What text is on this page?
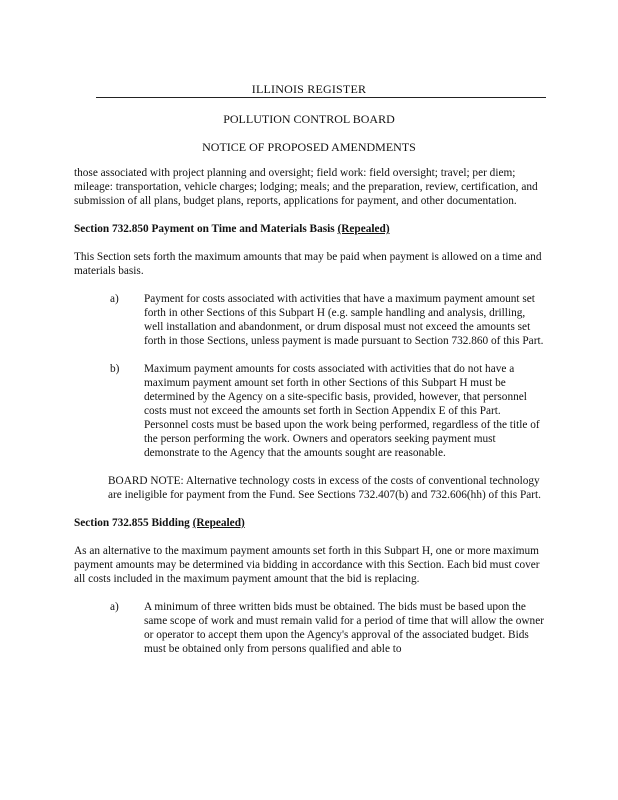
ILLINOIS REGISTER
POLLUTION CONTROL BOARD
NOTICE OF PROPOSED AMENDMENTS

those associated with project planning and oversight; field work: field oversight; travel; per diem; mileage: transportation, vehicle charges; lodging; meals; and the preparation, review, certification, and submission of all plans, budget plans, reports, applications for payment, and other documentation.

Section 732.850 Payment on Time and Materials Basis (Repealed)

This Section sets forth the maximum amounts that may be paid when payment is allowed on a time and materials basis.

a)	Payment for costs associated with activities that have a maximum payment amount set forth in other Sections of this Subpart H (e.g. sample handling and analysis, drilling, well installation and abandonment, or drum disposal must not exceed the amounts set forth in those Sections, unless payment is made pursuant to Section 732.860 of this Part.
b)	Maximum payment amounts for costs associated with activities that do not have a maximum payment amount set forth in other Sections of this Subpart H must be determined by the Agency on a site-specific basis, provided, however, that personnel costs must not exceed the amounts set forth in Section Appendix E of this Part. Personnel costs must be based upon the work being performed, regardless of the title of the person performing the work. Owners and operators seeking payment must demonstrate to the Agency that the amounts sought are reasonable.

BOARD NOTE: Alternative technology costs in excess of the costs of conventional technology are ineligible for payment from the Fund. See Sections 732.407(b) and 732.606(hh) of this Part.

Section 732.855 Bidding (Repealed)

As an alternative to the maximum payment amounts set forth in this Subpart H, one or more maximum payment amounts may be determined via bidding in accordance with this Section. Each bid must cover all costs included in the maximum payment amount that the bid is replacing.

a)	A minimum of three written bids must be obtained. The bids must be based upon the same scope of work and must remain valid for a period of time that will allow the owner or operator to accept them upon the Agency's approval of the associated budget. Bids must be obtained only from persons qualified and able to
